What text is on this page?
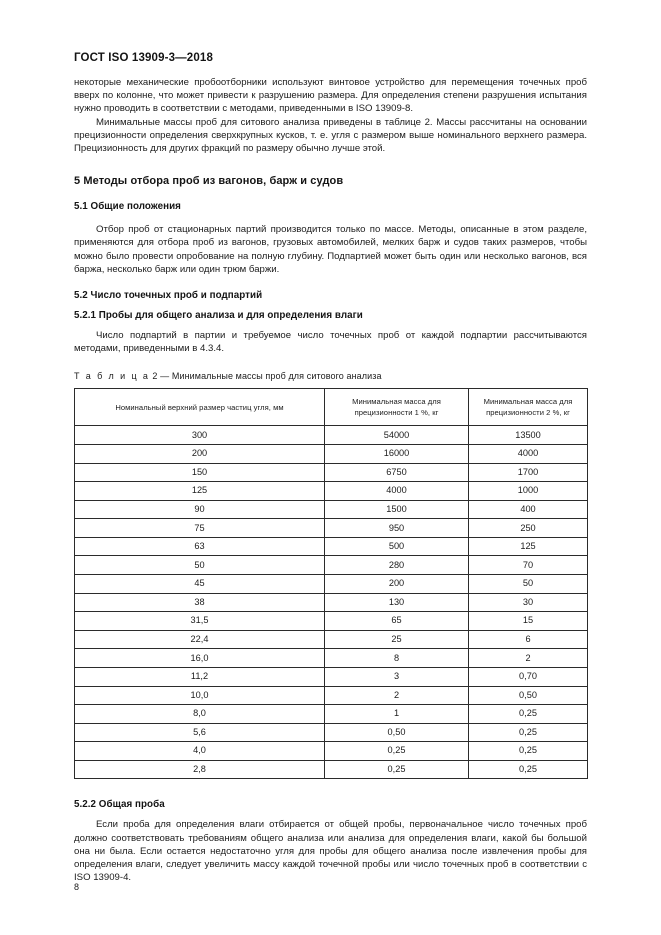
ГОСТ ISO 13909-3—2018

некоторые механические пробоотборники используют винтовое устройство для перемещения точечных проб вверх по колонне, что может привести к разрушению размера. Для определения степени разрушения испытания нужно проводить в соответствии с методами, приведенными в ISO 13909-8.

Минимальные массы проб для ситового анализа приведены в таблице 2. Массы рассчитаны на основании прецизионности определения сверхкрупных кусков, т. е. угля с размером выше номинального верхнего размера. Прецизионность для других фракций по размеру обычно лучше этой.

5 Методы отбора проб из вагонов, барж и судов
5.1 Общие положения

Отбор проб от стационарных партий производится только по массе. Методы, описанные в этом разделе, применяются для отбора проб из вагонов, грузовых автомобилей, мелких барж и судов таких размеров, чтобы можно было провести опробование на полную глубину. Подпартией может быть один или несколько вагонов, вся баржа, несколько барж или один трюм баржи.

5.2 Число точечных проб и подпартий
5.2.1 Пробы для общего анализа и для определения влаги

Число подпартий в партии и требуемое число точечных проб от каждой подпартии рассчитываются методами, приведенными в 4.3.4.

Т а б л и ц а 2 — Минимальные массы проб для ситового анализа

Номинальный верхний размер частиц угля, мм	Минимальная масса для прецизионности 1 %, кг	Минимальная масса для прецизионности 2 %, кг
300	54000	13500
200	16000	4000
150	6750	1700
125	4000	1000
90	1500	400
75	950	250
63	500	125
50	280	70
45	200	50
38	130	30
31,5	65	15
22,4	25	6
16,0	8	2
11,2	3	0,70
10,0	2	0,50
8,0	1	0,25
5,6	0,50	0,25
4,0	0,25	0,25
2,8	0,25	0,25
5.2.2 Общая проба

Если проба для определения влаги отбирается от общей пробы, первоначальное число точечных проб должно соответствовать требованиям общего анализа или анализа для определения влаги, какой бы большой она ни была. Если остается недостаточно угля для пробы для общего анализа после извлечения пробы для определения влаги, следует увеличить массу каждой точечной пробы или число точечных проб в соответствии с ISO 13909-4.

8
